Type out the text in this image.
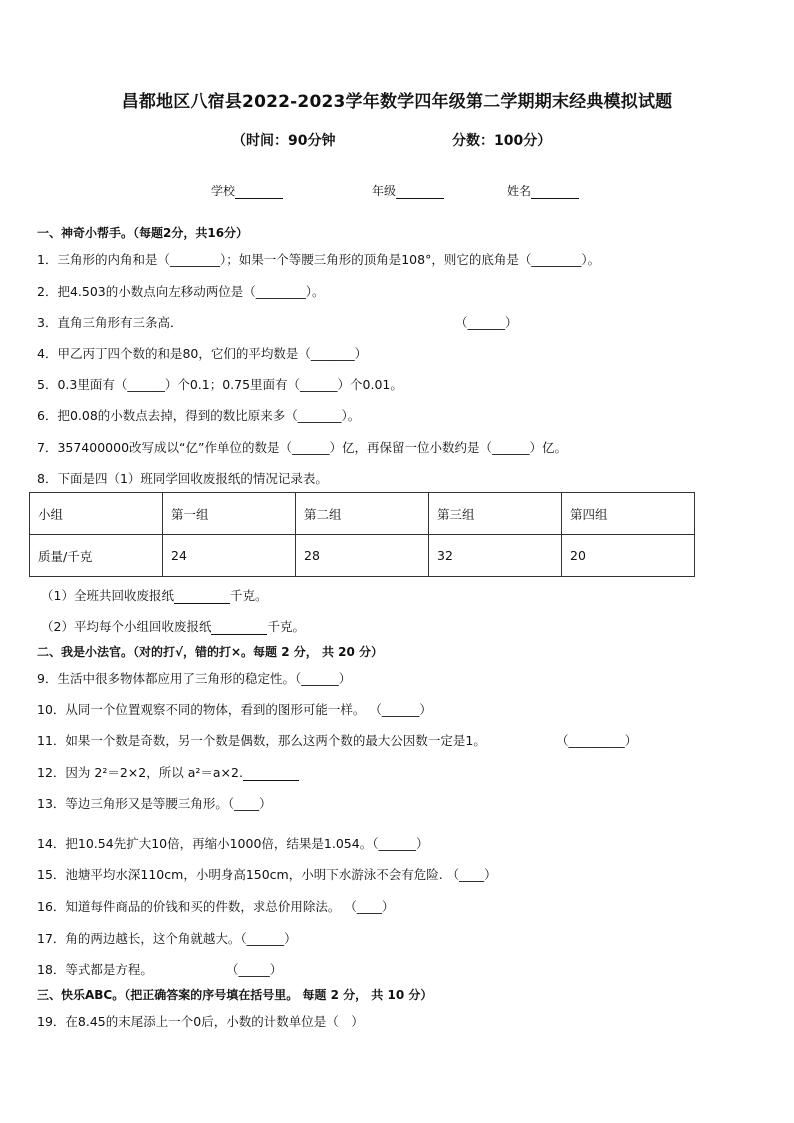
昌都地区八宿县2022-2023学年数学四年级第二学期期末经典模拟试题
（时间：90分钟	分数：100分）
学校	年级	姓名
一、神奇小帮手。（每题2分，共16分）
1．三角形的内角和是（________）；如果一个等腰三角形的顶角是108°，则它的底角是（________）。
2．把4.503的小数点向左移动两位是（________）。
3．直角三角形有三条高．	（______）
4．甲乙丙丁四个数的和是80，它们的平均数是（_______）
5．0.3里面有（______）个0.1；0.75里面有（______）个0.01。
6．把0.08的小数点去掉，得到的数比原来多（_______）。
7．357400000改写成以“亿”作单位的数是（______）亿，再保留一位小数约是（______）亿。
8．下面是四（1）班同学回收废报纸的情况记录表。
小组	第一组	第二组	第三组	第四组
质量/千克	24	28	32	20
（1）全班共回收废报纸	千克。
（2）平均每个小组回收废报纸	千克。
二、我是小法官。（对的打√，错的打×。每题 2 分， 共 20 分）
9．生活中很多物体都应用了三角形的稳定性。（______）
10．从同一个位置观察不同的物体，看到的图形可能一样。 （______）
11．如果一个数是奇数，另一个数是偶数，那么这两个数的最大公因数一定是1。	（_________）
12．因为 2²＝2×2，所以 a²＝a×2.
13．等边三角形又是等腰三角形。（____）
14．把10.54先扩大10倍，再缩小1000倍，结果是1.054。（______）
15．池塘平均水深110cm，小明身高150cm，小明下水游泳不会有危险. （____）
16．知道每件商品的价钱和买的件数，求总价用除法。 （____）
17．角的两边越长，这个角就越大。（______）
18．等式都是方程。	（_____）
三、快乐ABC。（把正确答案的序号填在括号里。 每题 2 分， 共 10 分）
19．在8.45的末尾添上一个0后，小数的计数单位是（　）
